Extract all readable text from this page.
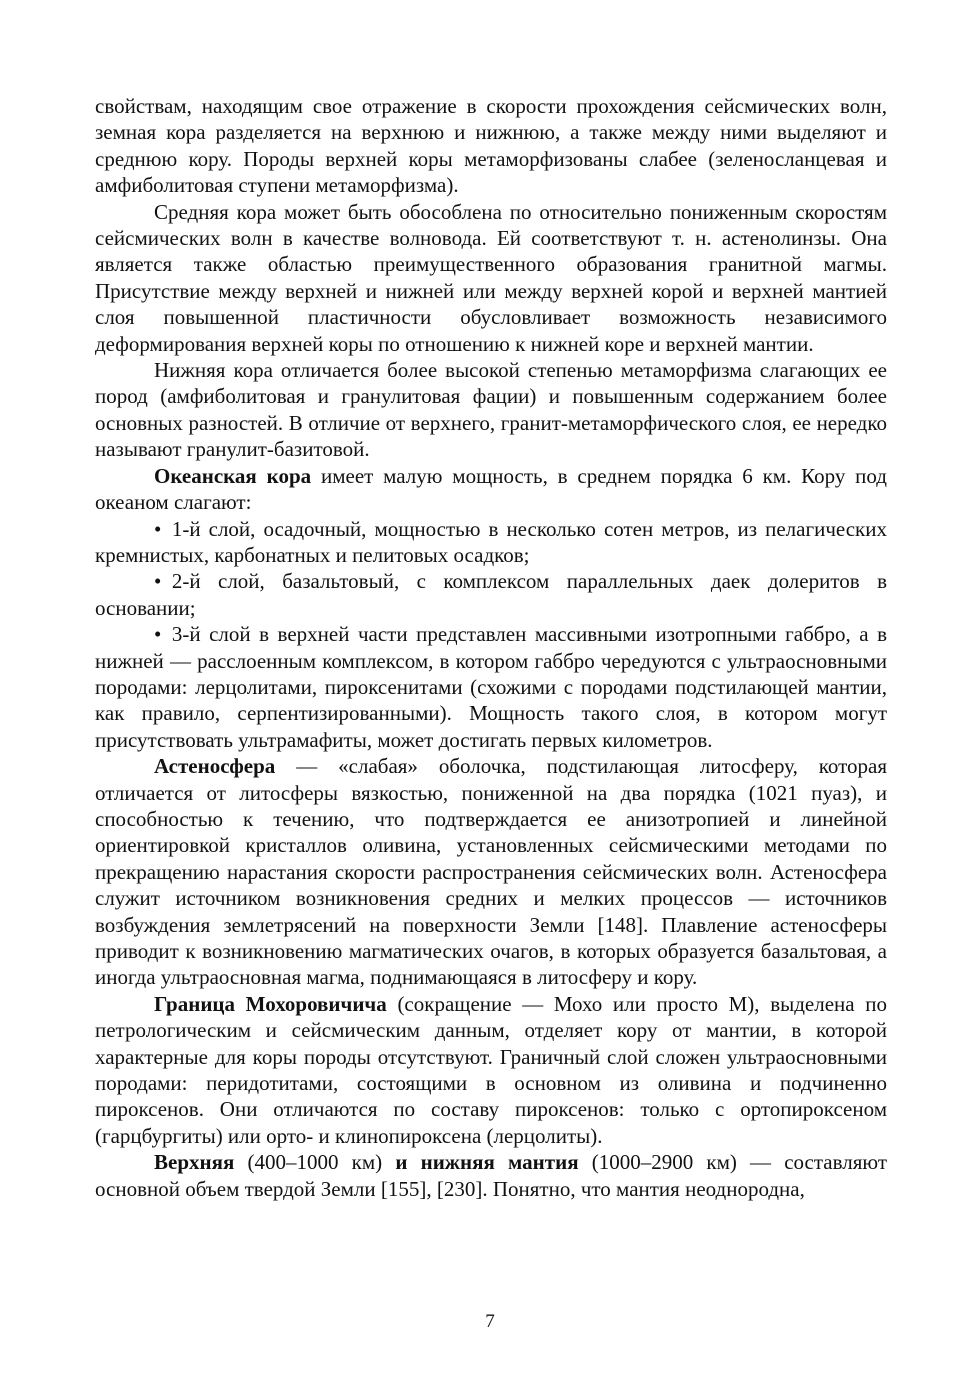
свойствам, находящим свое отражение в скорости прохождения сейсмических волн, земная кора разделяется на верхнюю и нижнюю, а также между ними выделяют и среднюю кору. Породы верхней коры метаморфизованы слабее (зеленосланцевая и амфиболитовая ступени метаморфизма).

Средняя кора может быть обособлена по относительно пониженным скоростям сейсмических волн в качестве волновода. Ей соответствуют т. н. астенолинзы. Она является также областью преимущественного образования гранитной магмы. Присутствие между верхней и нижней или между верхней корой и верхней мантией слоя повышенной пластичности обусловливает возможность независимого деформирования верхней коры по отношению к нижней коре и верхней мантии.

Нижняя кора отличается более высокой степенью метаморфизма слагающих ее пород (амфиболитовая и гранулитовая фации) и повышенным содержанием более основных разностей. В отличие от верхнего, гранит-метаморфического слоя, ее нередко называют гранулит-базитовой.

Океанская кора имеет малую мощность, в среднем порядка 6 км. Кору под океаном слагают:

• 1-й слой, осадочный, мощностью в несколько сотен метров, из пелагических кремнистых, карбонатных и пелитовых осадков;

• 2-й слой, базальтовый, с комплексом параллельных даек долеритов в основании;

• 3-й слой в верхней части представлен массивными изотропными габбро, а в нижней — расслоенным комплексом, в котором габбро чередуются с ультраосновными породами: лерцолитами, пироксенитами (схожими с породами подстилающей мантии, как правило, серпентизированными). Мощность такого слоя, в котором могут присутствовать ультрамафиты, может достигать первых километров.

Астеносфера — «слабая» оболочка, подстилающая литосферу, которая отличается от литосферы вязкостью, пониженной на два порядка (1021 пуаз), и способностью к течению, что подтверждается ее анизотропией и линейной ориентировкой кристаллов оливина, установленных сейсмическими методами по прекращению нарастания скорости распространения сейсмических волн. Астеносфера служит источником возникновения средних и мелких процессов — источников возбуждения землетрясений на поверхности Земли [148]. Плавление астеносферы приводит к возникновению магматических очагов, в которых образуется базальтовая, а иногда ультраосновная магма, поднимающаяся в литосферу и кору.

Граница Мохоровичича (сокращение — Мохо или просто М), выделена по петрологическим и сейсмическим данным, отделяет кору от мантии, в которой характерные для коры породы отсутствуют. Граничный слой сложен ультраосновными породами: перидотитами, состоящими в основном из оливина и подчиненно пироксенов. Они отличаются по составу пироксенов: только с ортопироксеном (гарцбургиты) или орто- и клинопироксена (лерцолиты).

Верхняя (400–1000 км) и нижняя мантия (1000–2900 км) — составляют основной объем твердой Земли [155], [230]. Понятно, что мантия неоднородна,

7
